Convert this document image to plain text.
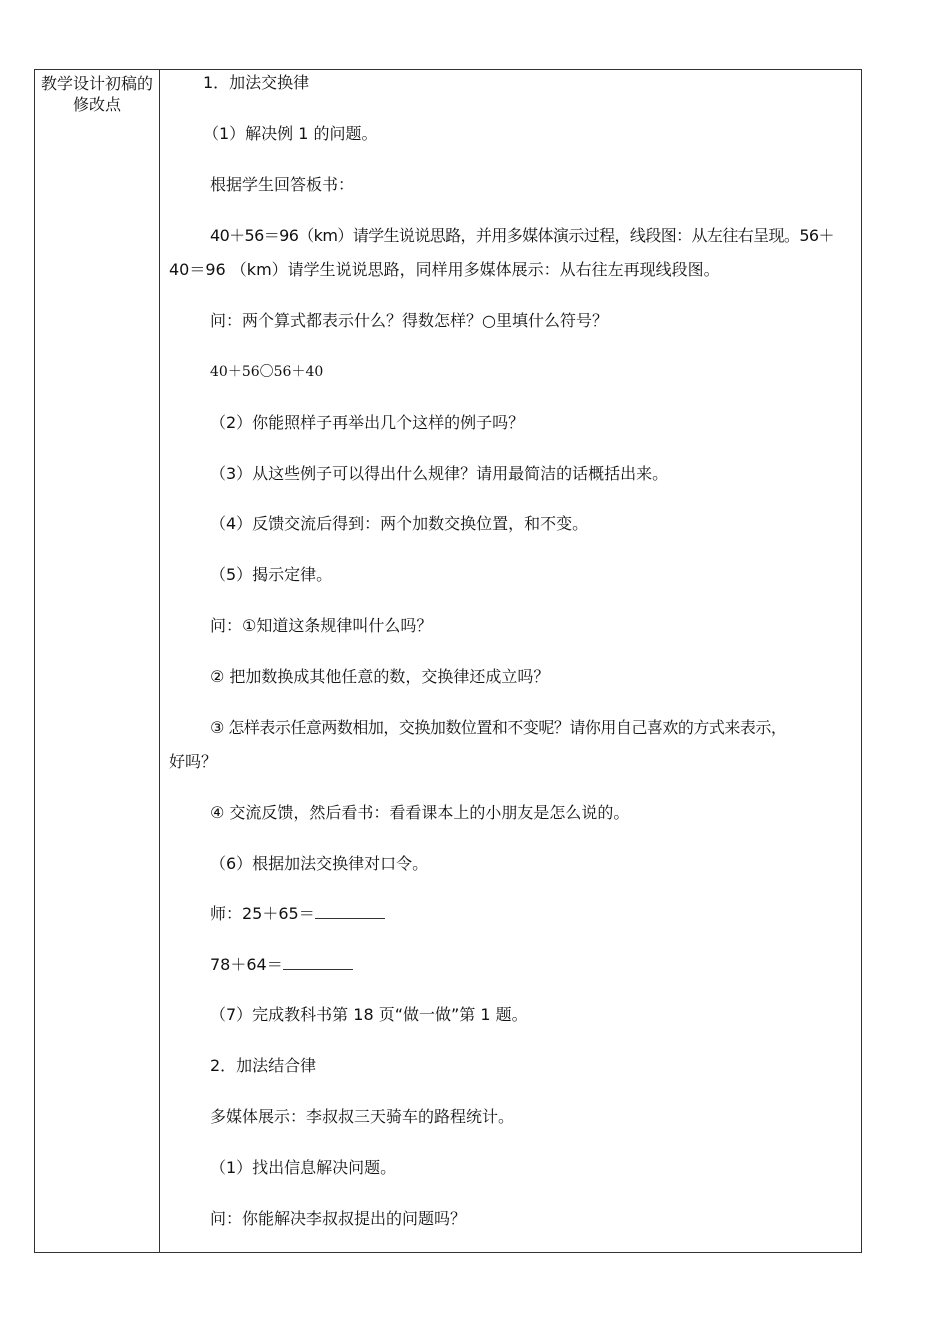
教学设计初稿的修改点
1．加法交换律
（1）解决例 1 的问题。
根据学生回答板书：
40＋56＝96（km）请学生说说思路，并用多媒体演示过程，线段图：从左往右呈现。56＋
40＝96 （km）请学生说说思路，同样用多媒体展示：从右往左再现线段图。
问：两个算式都表示什么？得数怎样？○里填什么符号？
40＋56〇56＋40
（2）你能照样子再举出几个这样的例子吗？
（3）从这些例子可以得出什么规律？请用最简洁的话概括出来。
（4）反馈交流后得到：两个加数交换位置，和不变。
（5）揭示定律。
问：①知道这条规律叫什么吗？
② 把加数换成其他任意的数，交换律还成立吗？
③ 怎样表示任意两数相加，交换加数位置和不变呢？请你用自己喜欢的方式来表示，
好吗？
④ 交流反馈，然后看书：看看课本上的小朋友是怎么说的。
（6）根据加法交换律对口令。
师：25＋65＝
78＋64＝
（7）完成教科书第 18 页“做一做”第 1 题。
2．加法结合律
多媒体展示：李叔叔三天骑车的路程统计。
（1）找出信息解决问题。
问：你能解决李叔叔提出的问题吗？
